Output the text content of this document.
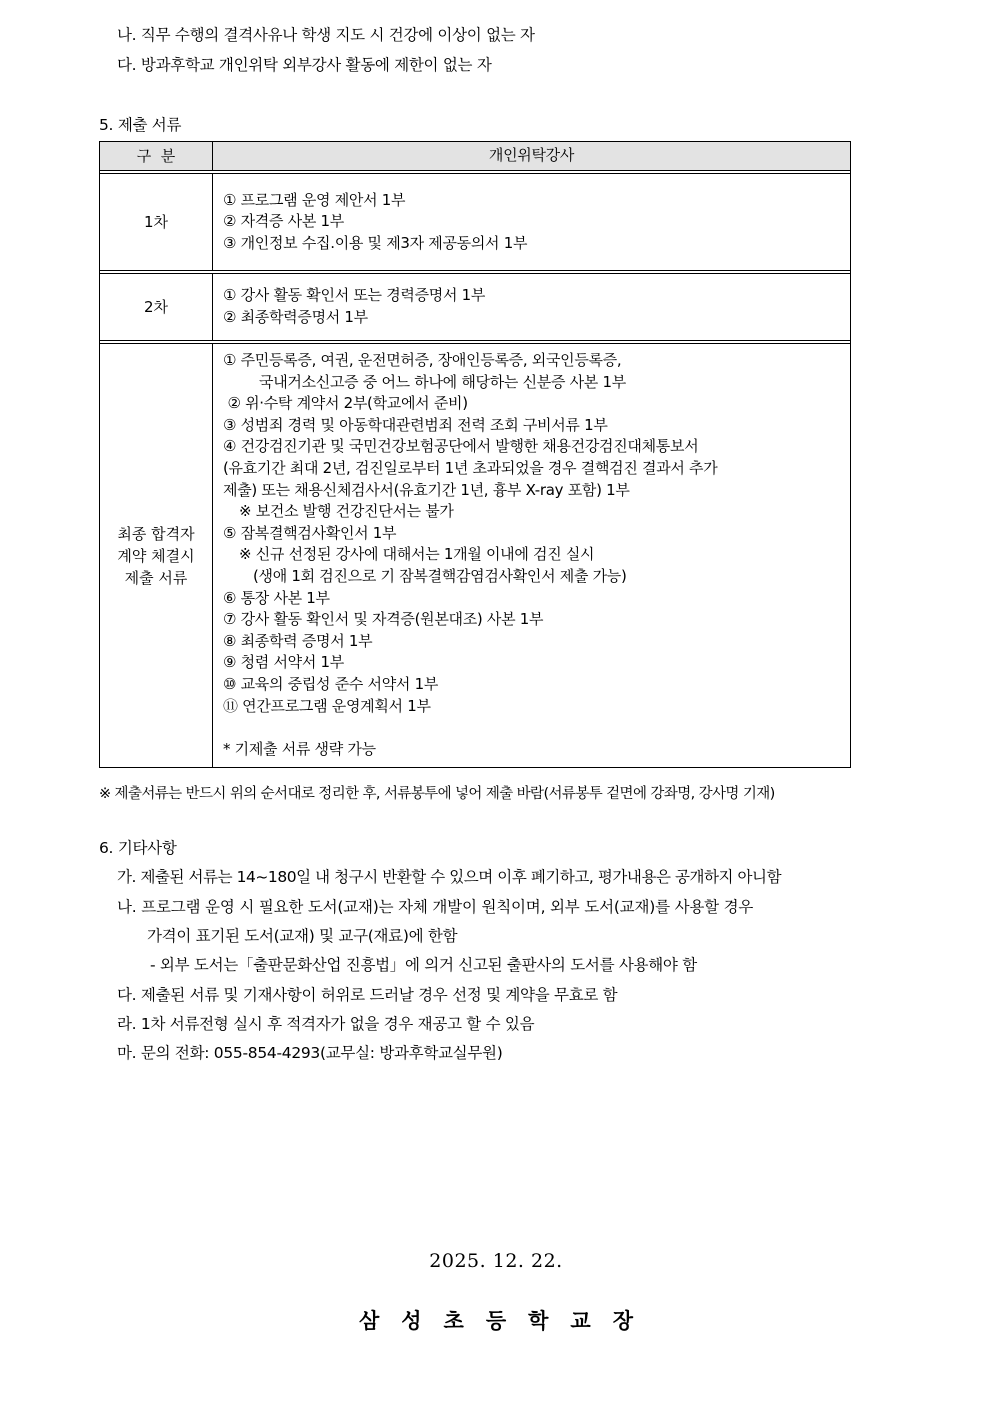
나. 직무 수행의 결격사유나 학생 지도 시 건강에 이상이 없는 자
다. 방과후학교 개인위탁 외부강사 활동에 제한이 없는 자
5. 제출 서류
구  분	개인위탁강사
1차
① 프로그램 운영 제안서 1부
② 자격증 사본 1부
③ 개인정보 수집.이용 및 제3자 제공동의서 1부
2차
① 강사 활동 확인서 또는 경력증명서 1부
② 최종학력증명서 1부
최종 합격자
계약 체결시
제출 서류
① 주민등록증, 여권, 운전면허증, 장애인등록증, 외국인등록증,
국내거소신고증 중 어느 하나에 해당하는 신분증 사본 1부
② 위·수탁 계약서 2부(학교에서 준비)
③ 성범죄 경력 및 아동학대관련범죄 전력 조회 구비서류 1부
④ 건강검진기관 및 국민건강보험공단에서 발행한 채용건강검진대체통보서
(유효기간 최대 2년, 검진일로부터 1년 초과되었을 경우 결핵검진 결과서 추가
제출) 또는 채용신체검사서(유효기간 1년, 흉부 X-ray 포함) 1부
※ 보건소 발행 건강진단서는 불가
⑤ 잠복결핵검사확인서 1부
※ 신규 선정된 강사에 대해서는 1개월 이내에 검진 실시
(생애 1회 검진으로 기 잠복결핵감염검사확인서 제출 가능)
⑥ 통장 사본 1부
⑦ 강사 활동 확인서 및 자격증(원본대조) 사본 1부
⑧ 최종학력 증명서 1부
⑨ 청렴 서약서 1부
⑩ 교육의 중립성 준수 서약서 1부
⑪ 연간프로그램 운영계획서 1부
* 기제출 서류 생략 가능
※ 제출서류는 반드시 위의 순서대로 정리한 후, 서류봉투에 넣어 제출 바람(서류봉투 겉면에 강좌명, 강사명 기재)
6. 기타사항
가. 제출된 서류는 14~180일 내 청구시 반환할 수 있으며 이후 폐기하고, 평가내용은 공개하지 아니함
나. 프로그램 운영 시 필요한 도서(교재)는 자체 개발이 원칙이며, 외부 도서(교재)를 사용할 경우
가격이 표기된 도서(교재) 및 교구(재료)에 한함
- 외부 도서는「출판문화산업 진흥법」에 의거 신고된 출판사의 도서를 사용해야 함
다. 제출된 서류 및 기재사항이 허위로 드러날 경우 선정 및 계약을 무효로 함
라. 1차 서류전형 실시 후 적격자가 없을 경우 재공고 할 수 있음
마. 문의 전화: 055-854-4293(교무실: 방과후학교실무원)
2025. 12. 22.
삼성초등학교장
